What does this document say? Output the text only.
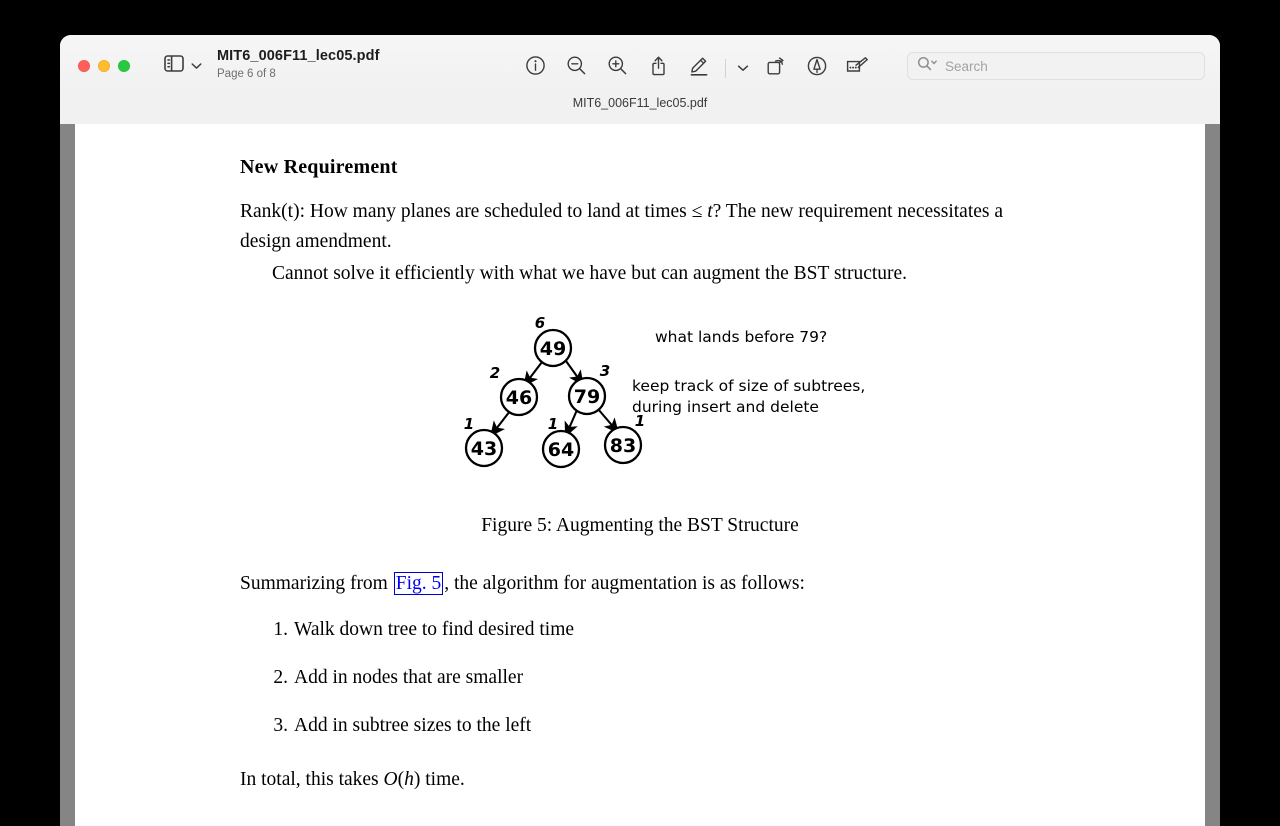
MIT6_006F11_lec05.pdf
Page 6 of 8
Search
MIT6_006F11_lec05.pdf
New Requirement

Rank(t): How many planes are scheduled to land at times ≤ t? The new requirement necessitates a design amendment.

Cannot solve it efficiently with what we have but can augment the BST structure.

49
46 79
43	64 83
6
2	3
1	1	1
what lands before 79?
keep track of size of subtrees,
during insert and delete
Figure 5: Augmenting the BST Structure

Summarizing from Fig. 5 , the algorithm for augmentation is as follows:

Walk down tree to find desired time
Add in nodes that are smaller
Add in subtree sizes to the left

In total, this takes O(h) time.
